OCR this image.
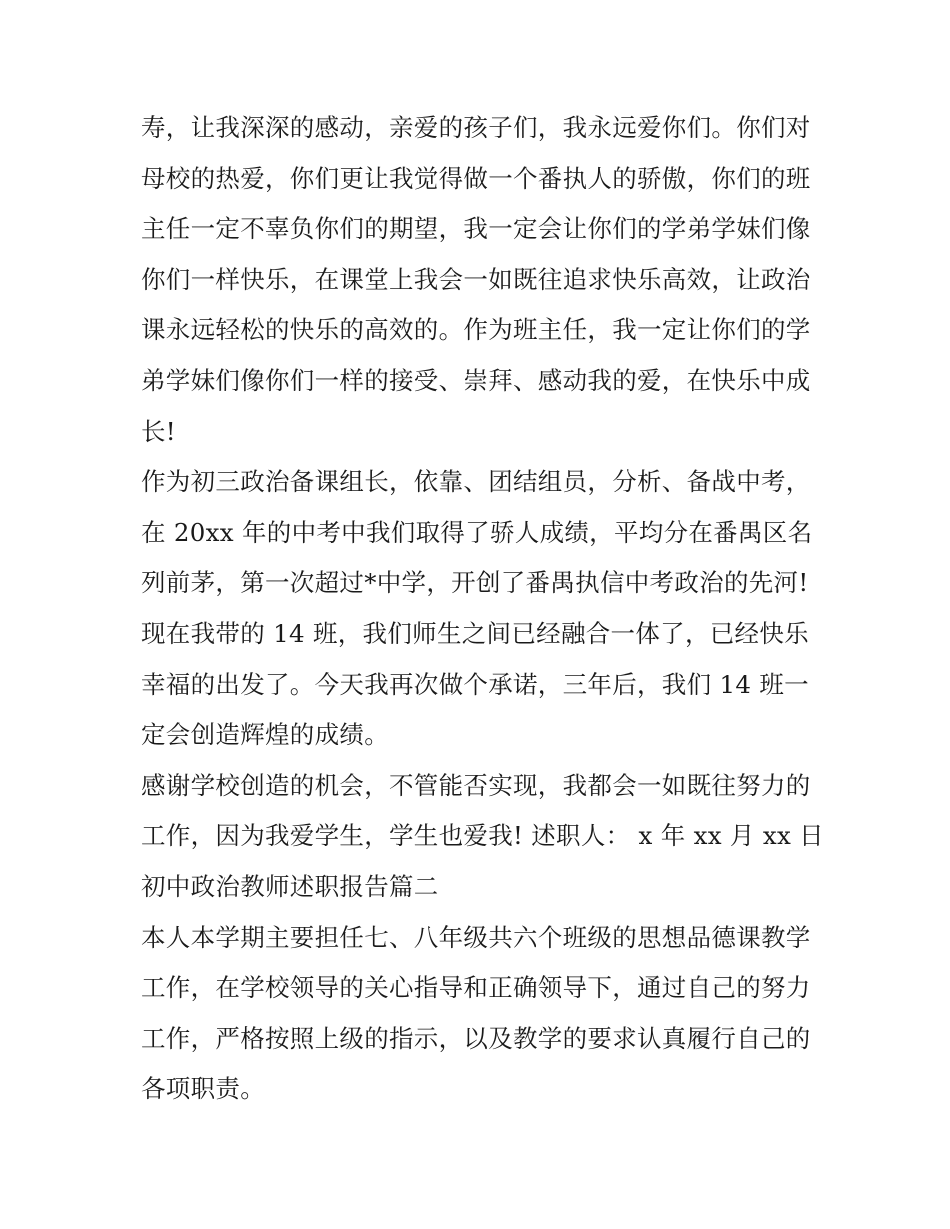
寿，让我深深的感动，亲爱的孩子们，我永远爱你们。你们对
母校的热爱，你们更让我觉得做一个番执人的骄傲，你们的班
主任一定不辜负你们的期望，我一定会让你们的学弟学妹们像
你们一样快乐，在课堂上我会一如既往追求快乐高效，让政治
课永远轻松的快乐的高效的。作为班主任，我一定让你们的学
弟学妹们像你们一样的接受、崇拜、感动我的爱，在快乐中成
长!
作为初三政治备课组长，依靠、团结组员，分析、备战中考，
在 20xx 年的中考中我们取得了骄人成绩，平均分在番禺区名
列前茅，第一次超过*中学，开创了番禺执信中考政治的先河!
现在我带的 14 班，我们师生之间已经融合一体了，已经快乐
幸福的出发了。今天我再次做个承诺，三年后，我们 14 班一
定会创造辉煌的成绩。
感谢学校创造的机会，不管能否实现，我都会一如既往努力的
工作，因为我爱学生，学生也爱我! 述职人： x 年 xx 月 xx 日
初中政治教师述职报告篇二
本人本学期主要担任七、八年级共六个班级的思想品德课教学
工作，在学校领导的关心指导和正确领导下，通过自己的努力
工作，严格按照上级的指示，以及教学的要求认真履行自己的
各项职责。
